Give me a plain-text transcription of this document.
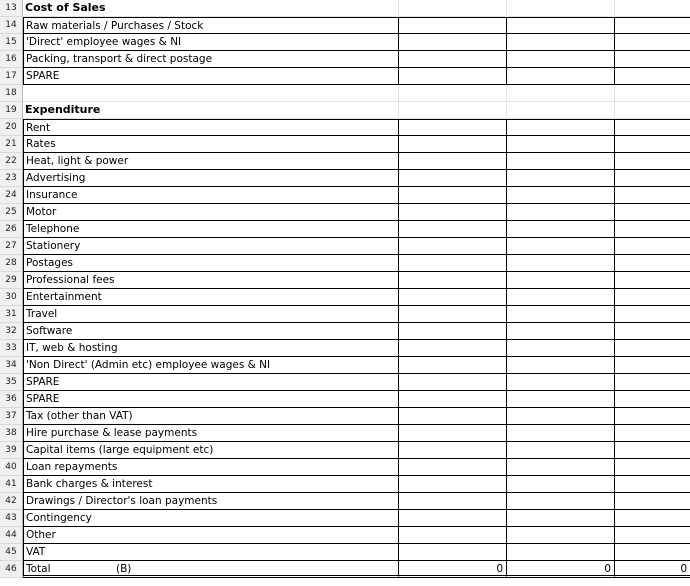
13 Cost of Sales
14 Raw materials / Purchases / Stock
15 'Direct' employee wages & NI
16 Packing, transport & direct postage
17 SPARE
18
19 Expenditure
20 Rent
21 Rates
22 Heat, light & power
23 Advertising
24 Insurance
25 Motor
26 Telephone
27 Stationery
28 Postages
29 Professional fees
30 Entertainment
31 Travel
32 Software
33 IT, web & hosting
34 'Non Direct' (Admin etc) employee wages & NI
35 SPARE
36 SPARE
37 Tax (other than VAT)
38 Hire purchase & lease payments
39 Capital items (large equipment etc)
40 Loan repayments
41 Bank charges & interest
42 Drawings / Director's loan payments
43 Contingency
44 Other
45 VAT
46 Total	(B)	0	0	0
